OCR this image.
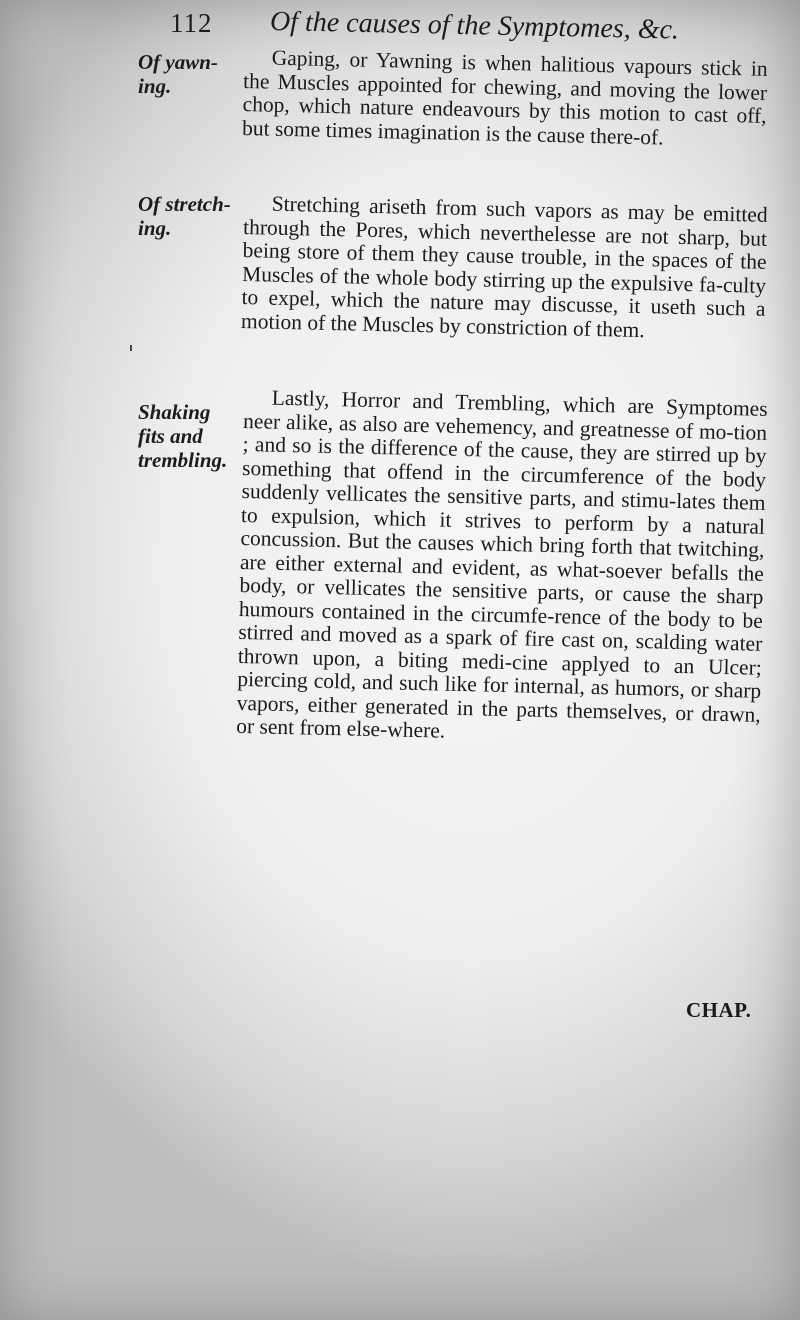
112 Of the causes of the Symptomes, &c.
Of yawn-ing.
Gaping, or Yawning is when halitious vapours stick in the Muscles appointed for chewing, and moving the lower chop, which nature endeavours by this motion to cast off, but some times imagination is the cause there-of.
Of stretch-ing.
Stretching ariseth from such vapors as may be emitted through the Pores, which neverthelesse are not sharp, but being store of them they cause trouble, in the spaces of the Muscles of the whole body stirring up the expulsive fa-culty to expel, which the nature may discusse, it useth such a motion of the Muscles by constriction of them.
Shaking fits and trembling.
Lastly, Horror and Trembling, which are Symptomes neer alike, as also are vehemency, and greatnesse of mo-tion ; and so is the difference of the cause, they are stirred up by something that offend in the circumference of the body suddenly vellicates the sensitive parts, and stimu-lates them to expulsion, which it strives to perform by a natural concussion. But the causes which bring forth that twitching, are either external and evident, as what-soever befalls the body, or vellicates the sensitive parts, or cause the sharp humours contained in the circumfe-rence of the body to be stirred and moved as a spark of fire cast on, scalding water thrown upon, a biting medi-cine applyed to an Ulcer; piercing cold, and such like for internal, as humors, or sharp vapors, either generated in the parts themselves, or drawn, or sent from else-where.
CHAP.
